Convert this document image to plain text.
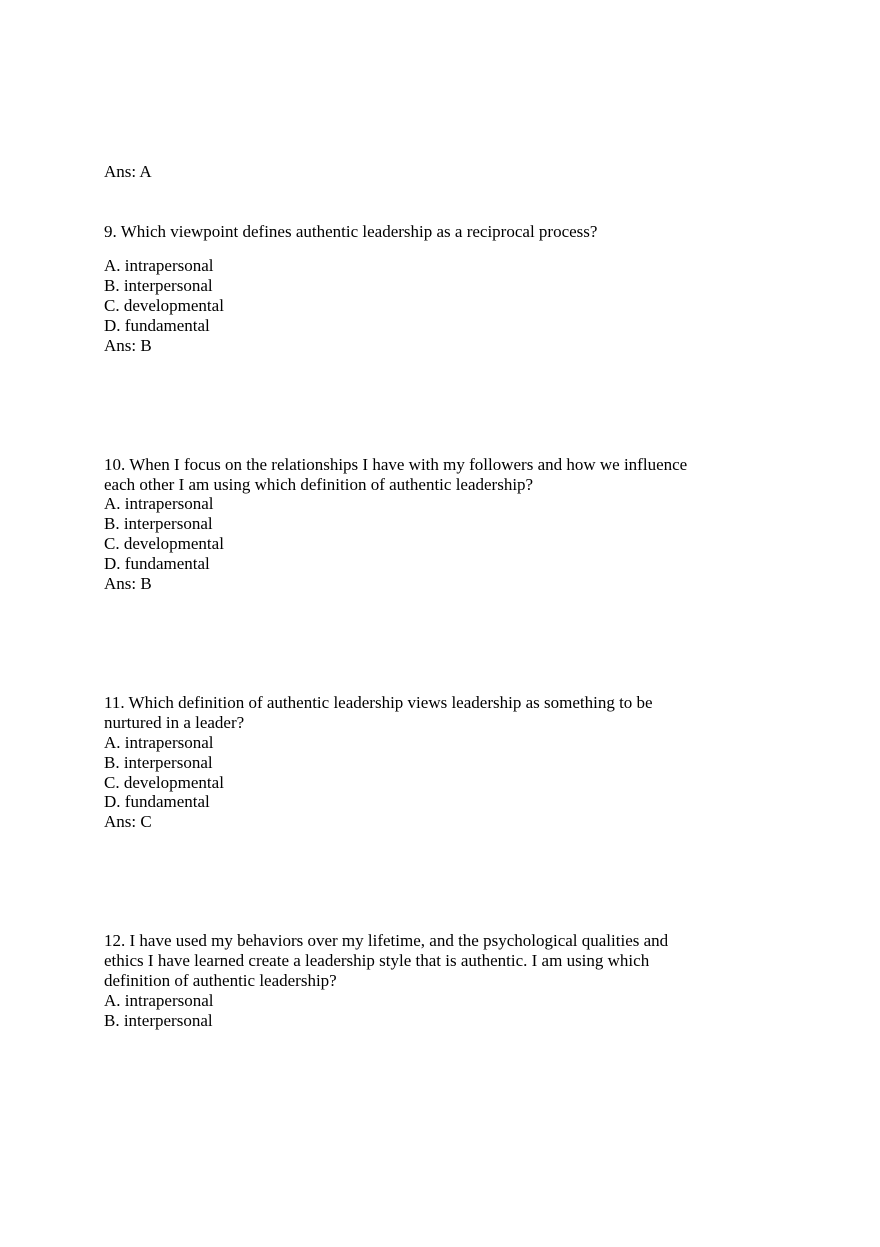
Ans: A
9. Which viewpoint defines authentic leadership as a reciprocal process?
A. intrapersonal
B. interpersonal
C. developmental
D. fundamental
Ans: B
10. When I focus on the relationships I have with my followers and how we influence
each other I am using which definition of authentic leadership?
A. intrapersonal
B. interpersonal
C. developmental
D. fundamental
Ans: B
11. Which definition of authentic leadership views leadership as something to be
nurtured in a leader?
A. intrapersonal
B. interpersonal
C. developmental
D. fundamental
Ans: C
12. I have used my behaviors over my lifetime, and the psychological qualities and
ethics I have learned create a leadership style that is authentic. I am using which
definition of authentic leadership?
A. intrapersonal
B. interpersonal
